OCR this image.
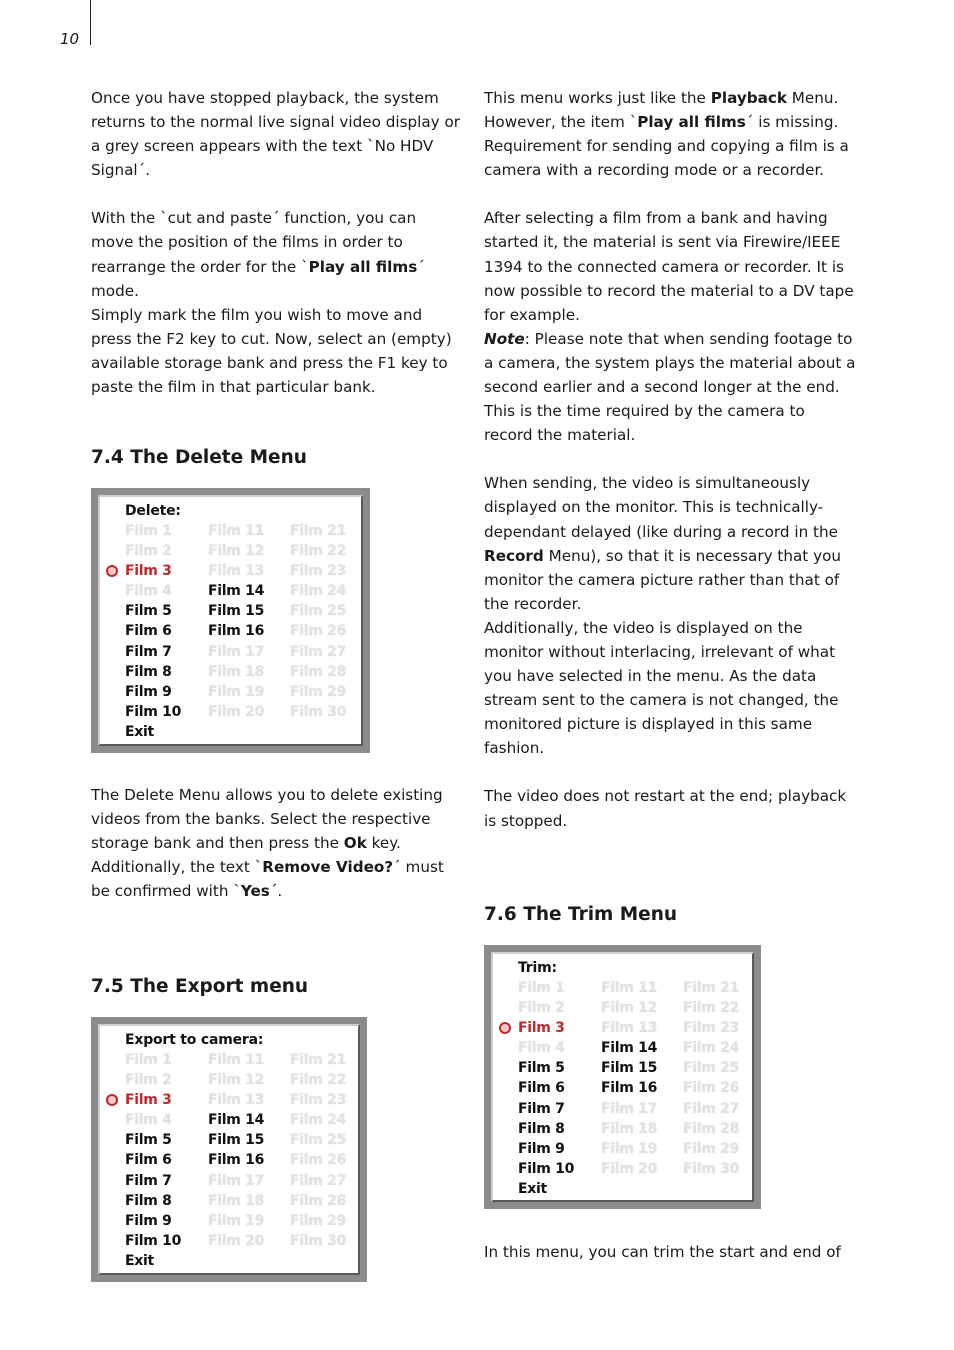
10

Once you have stopped playback, the system returns to the normal live signal video display or a grey screen appears with the text `No HDV Signal´.

With the `cut and paste´ function, you can move the position of the films in order to rearrange the order for the `Play all films´ mode.

Simply mark the film you wish to move and press the F2 key to cut. Now, select an (empty) available storage bank and press the F1 key to paste the film in that particular bank.

7.4 The Delete Menu
Delete:
Film 1
Film 2
Film 3
Film 4
Film 5
Film 6
Film 7
Film 8
Film 9
Film 10
Exit
Film 11
Film 12
Film 13
Film 14
Film 15
Film 16
Film 17
Film 18
Film 19
Film 20
Film 21
Film 22
Film 23
Film 24
Film 25
Film 26
Film 27
Film 28
Film 29
Film 30

The Delete Menu allows you to delete existing videos from the banks. Select the respective storage bank and then press the Ok key.

Additionally, the text `Remove Video?´ must be confirmed with `Yes´.

7.5 The Export menu
Export to camera:
Film 1
Film 2
Film 3
Film 4
Film 5
Film 6
Film 7
Film 8
Film 9
Film 10
Exit
Film 11
Film 12
Film 13
Film 14
Film 15
Film 16
Film 17
Film 18
Film 19
Film 20
Film 21
Film 22
Film 23
Film 24
Film 25
Film 26
Film 27
Film 28
Film 29
Film 30

This menu works just like the Playback Menu. However, the item `Play all films´ is missing. Requirement for sending and copying a film is a camera with a recording mode or a recorder.

After selecting a film from a bank and having started it, the material is sent via Firewire/IEEE 1394 to the connected camera or recorder. It is now possible to record the material to a DV tape for example.

Note: Please note that when sending footage to a camera, the system plays the material about a second earlier and a second longer at the end. This is the time required by the camera to record the material.

When sending, the video is simultaneously displayed on the monitor. This is technically-dependant delayed (like during a record in the Record Menu), so that it is necessary that you monitor the camera picture rather than that of the recorder.

Additionally, the video is displayed on the monitor without interlacing, irrelevant of what you have selected in the menu. As the data stream sent to the camera is not changed, the monitored picture is displayed in this same fashion.

The video does not restart at the end; playback is stopped.

7.6 The Trim Menu
Trim:
Film 1
Film 2
Film 3
Film 4
Film 5
Film 6
Film 7
Film 8
Film 9
Film 10
Exit
Film 11
Film 12
Film 13
Film 14
Film 15
Film 16
Film 17
Film 18
Film 19
Film 20
Film 21
Film 22
Film 23
Film 24
Film 25
Film 26
Film 27
Film 28
Film 29
Film 30

In this menu, you can trim the start and end of
